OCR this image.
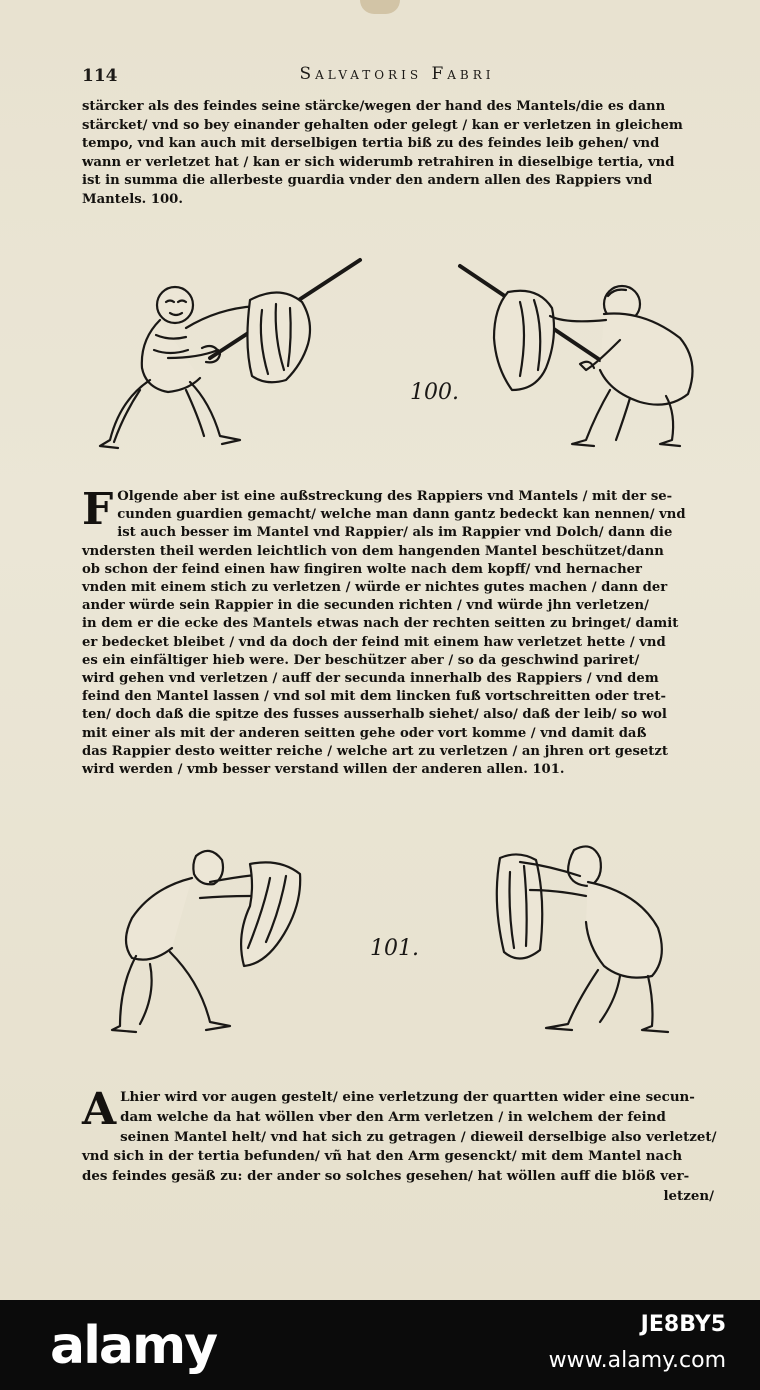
114	Salvatoris Fabri
stärcker als des feindes seine stärcke/wegen der hand des Mantels/die es dann
stärcket/ vnd so bey einander gehalten oder gelegt / kan er verletzen in gleichem
tempo, vnd kan auch mit derselbigen tertia biß zu des feindes leib gehen/ vnd
wann er verletzet hat / kan er sich widerumb retrahiren in dieselbige tertia, vnd
ist in summa die allerbeste guardia vnder den andern allen des Rappiers vnd
Mantels. 100.
100.
F Olgende aber ist eine außstreckung des Rappiers vnd Mantels / mit der se-
cunden guardien gemacht/ welche man dann gantz bedeckt kan nennen/ vnd
ist auch besser im Mantel vnd Rappier/ als im Rappier vnd Dolch/ dann die
vndersten theil werden leichtlich von dem hangenden Mantel beschützet/dann
ob schon der feind einen haw fingiren wolte nach dem kopff/ vnd hernacher
vnden mit einem stich zu verletzen / würde er nichtes gutes machen / dann der
ander würde sein Rappier in die secunden richten / vnd würde jhn verletzen/
in dem er die ecke des Mantels etwas nach der rechten seitten zu bringet/ damit
er bedecket bleibet / vnd da doch der feind mit einem haw verletzet hette / vnd
es ein einfältiger hieb were. Der beschützer aber / so da geschwind pariret/
wird gehen vnd verletzen / auff der secunda innerhalb des Rappiers / vnd dem
feind den Mantel lassen / vnd sol mit dem lincken fuß vortschreitten oder tret-
ten/ doch daß die spitze des fusses ausserhalb siehet/ also/ daß der leib/ so wol
mit einer als mit der anderen seitten gehe oder vort komme / vnd damit daß
das Rappier desto weitter reiche / welche art zu verletzen / an jhren ort gesetzt
wird werden / vmb besser verstand willen der anderen allen. 101.
101.
A Lhier wird vor augen gestelt/ eine verletzung der quartten wider eine secun-
dam welche da hat wöllen vber den Arm verletzen / in welchem der feind
seinen Mantel helt/ vnd hat sich zu getragen / dieweil derselbige also verletzet/
vnd sich in der tertia befunden/ vñ hat den Arm gesenckt/ mit dem Mantel nach
des feindes gesäß zu: der ander so solches gesehen/ hat wöllen auff die blöß ver-
letzen/
alamy	JE8BY5
www.alamy.com
